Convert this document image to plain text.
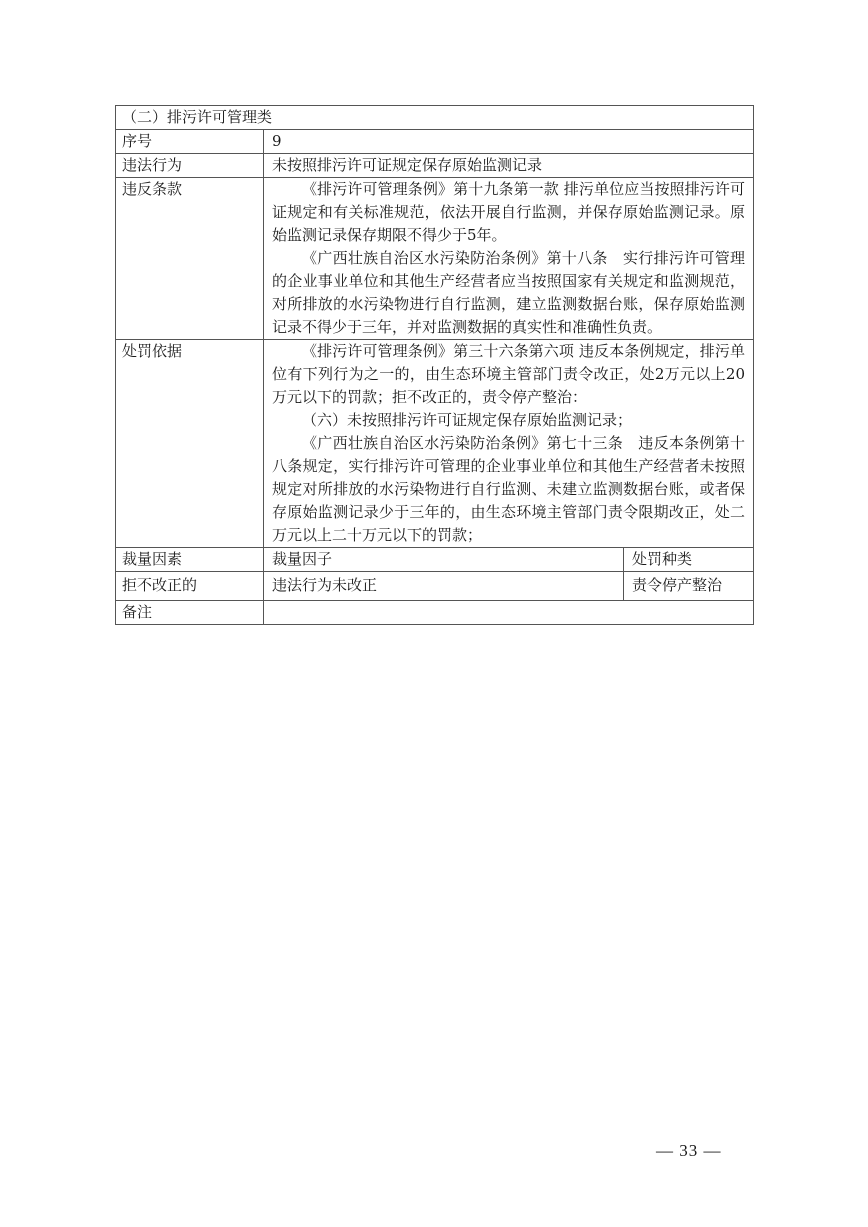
（二）排污许可管理类		
序号	9	
违法行为	未按照排污许可证规定保存原始监测记录	
违反条款	《排污许可管理条例》第十九条第一款 排污单位应当按照排污许可证规定和有关标准规范，依法开展自行监测，并保存原始监测记录。原始监测记录保存期限不得少于5年。

《广西壮族自治区水污染防治条例》第十八条　实行排污许可管理的企业事业单位和其他生产经营者应当按照国家有关规定和监测规范，对所排放的水污染物进行自行监测，建立监测数据台账，保存原始监测记录不得少于三年，并对监测数据的真实性和准确性负责。	

处罚依据	《排污许可管理条例》第三十六条第六项 违反本条例规定，排污单位有下列行为之一的，由生态环境主管部门责令改正，处2万元以上20万元以下的罚款；拒不改正的，责令停产整治：

（六）未按照排污许可证规定保存原始监测记录；

《广西壮族自治区水污染防治条例》第七十三条　违反本条例第十八条规定，实行排污许可管理的企业事业单位和其他生产经营者未按照规定对所排放的水污染物进行自行监测、未建立监测数据台账，或者保存原始监测记录少于三年的，由生态环境主管部门责令限期改正，处二万元以上二十万元以下的罚款；	

裁量因素	裁量因子	处罚种类
拒不改正的	违法行为未改正	责令停产整治
备注		
— 33 —
